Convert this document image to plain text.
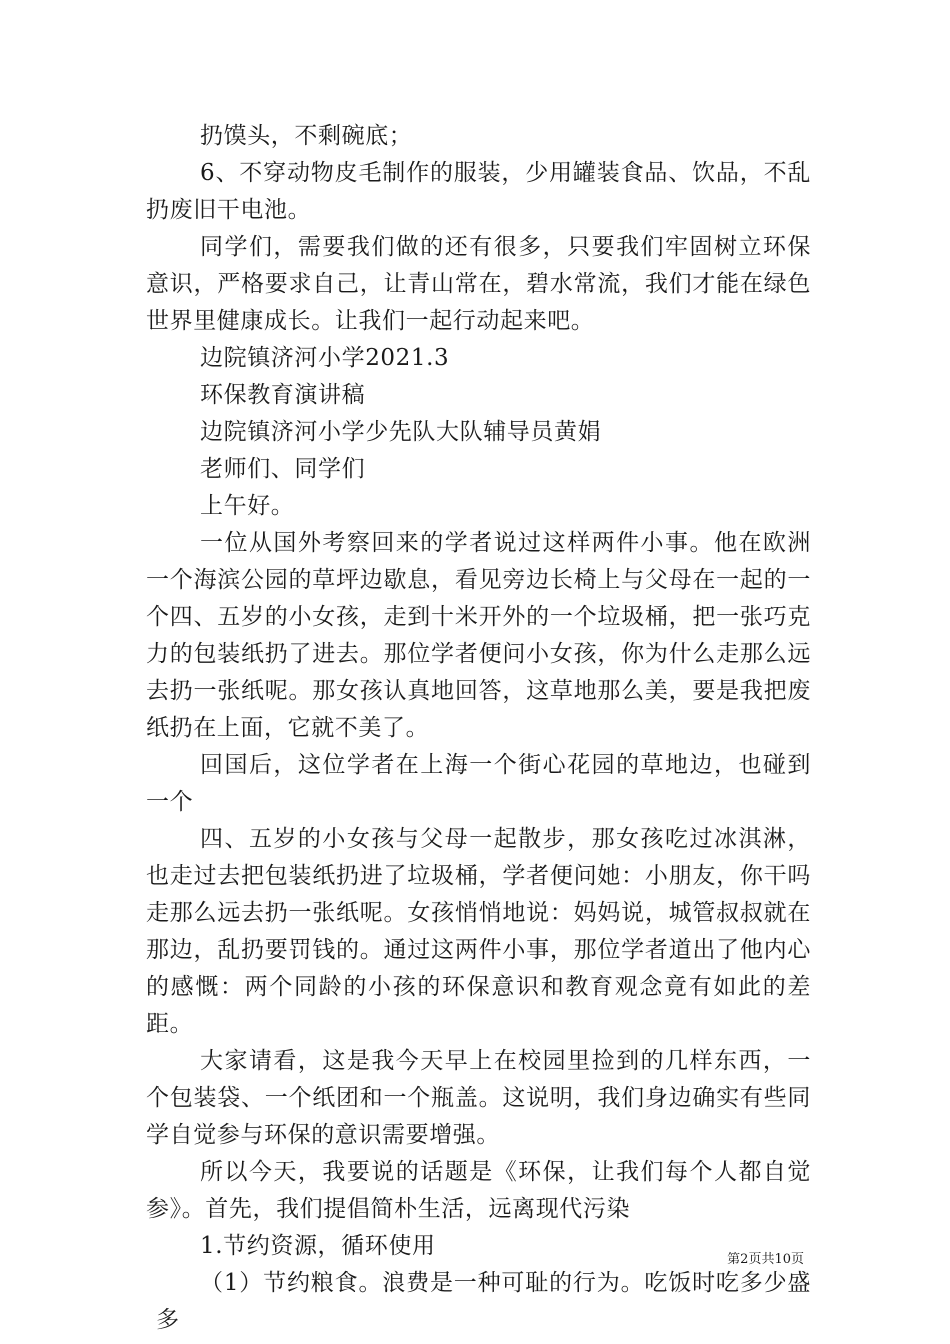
扔馍头，不剩碗底；

6、不穿动物皮毛制作的服装，少用罐装食品、饮品，不乱扔废旧干电池。

同学们，需要我们做的还有很多，只要我们牢固树立环保意识，严格要求自己，让青山常在，碧水常流，我们才能在绿色世界里健康成长。让我们一起行动起来吧。

边院镇济河小学2021.3

环保教育演讲稿

边院镇济河小学少先队大队辅导员黄娟

老师们、同学们

上午好。

一位从国外考察回来的学者说过这样两件小事。他在欧洲一个海滨公园的草坪边歇息，看见旁边长椅上与父母在一起的一个四、五岁的小女孩，走到十米开外的一个垃圾桶，把一张巧克力的包装纸扔了进去。那位学者便问小女孩，你为什么走那么远去扔一张纸呢。那女孩认真地回答，这草地那么美，要是我把废纸扔在上面，它就不美了。

回国后，这位学者在上海一个街心花园的草地边，也碰到一个

四、五岁的小女孩与父母一起散步，那女孩吃过冰淇淋，也走过去把包装纸扔进了垃圾桶，学者便问她：小朋友，你干吗走那么远去扔一张纸呢。女孩悄悄地说：妈妈说，城管叔叔就在那边，乱扔要罚钱的。通过这两件小事，那位学者道出了他内心的感慨：两个同龄的小孩的环保意识和教育观念竟有如此的差距。

大家请看，这是我今天早上在校园里捡到的几样东西，一个包装袋、一个纸团和一个瓶盖。这说明，我们身边确实有些同学自觉参与环保的意识需要增强。

所以今天，我要说的话题是《环保，让我们每个人都自觉参》。首先，我们提倡简朴生活，远离现代污染

1.节约资源，循环使用

（1）节约粮食。浪费是一种可耻的行为。吃饭时吃多少盛多

第2页共10页
